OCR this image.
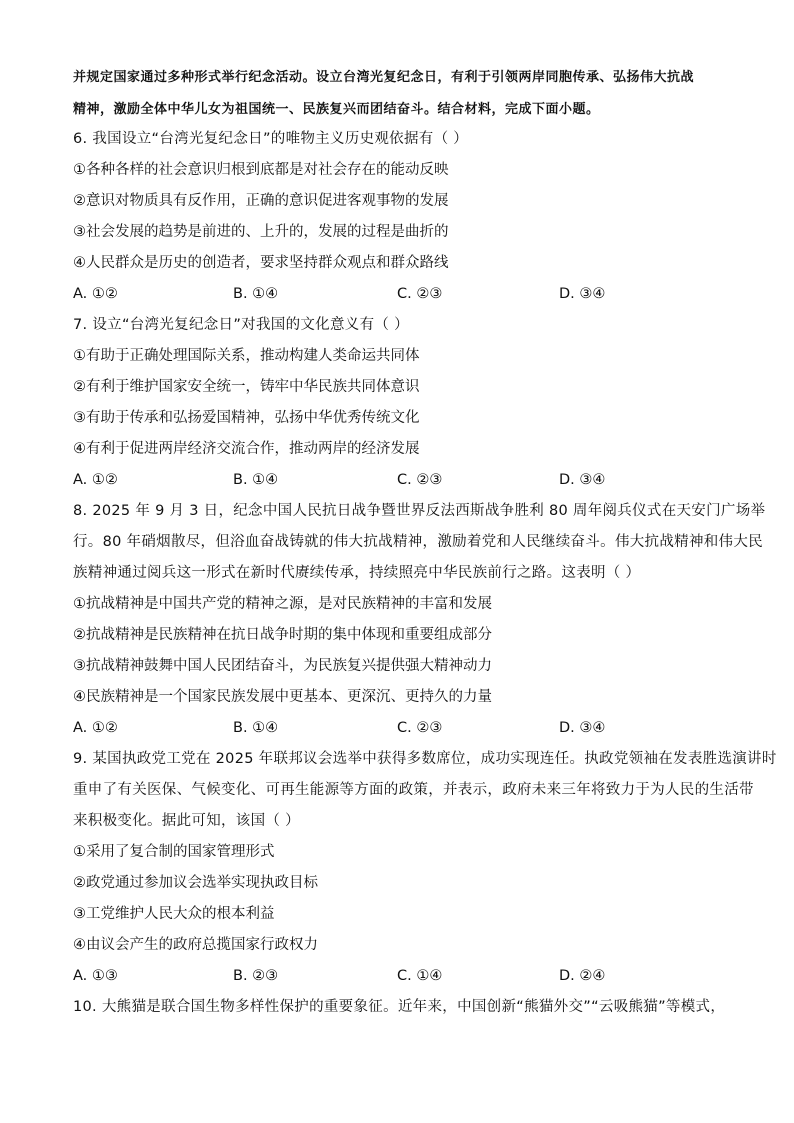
并规定国家通过多种形式举行纪念活动。设立台湾光复纪念日，有利于引领两岸同胞传承、弘扬伟大抗战

精神，激励全体中华儿女为祖国统一、民族复兴而团结奋斗。结合材料，完成下面小题。

6. 我国设立“台湾光复纪念日”的唯物主义历史观依据有（ ）
①各种各样的社会意识归根到底都是对社会存在的能动反映
②意识对物质具有反作用，正确的意识促进客观事物的发展
③社会发展的趋势是前进的、上升的，发展的过程是曲折的
④人民群众是历史的创造者，要求坚持群众观点和群众路线
A. ①②	B. ①④	C. ②③	D. ③④
7. 设立“台湾光复纪念日”对我国的文化意义有（ ）
①有助于正确处理国际关系，推动构建人类命运共同体
②有利于维护国家安全统一，铸牢中华民族共同体意识
③有助于传承和弘扬爱国精神，弘扬中华优秀传统文化
④有利于促进两岸经济交流合作，推动两岸的经济发展
A. ①②	B. ①④	C. ②③	D. ③④
8. 2025 年 9 月 3 日，纪念中国人民抗日战争暨世界反法西斯战争胜利 80 周年阅兵仪式在天安门广场举
行。80 年硝烟散尽，但浴血奋战铸就的伟大抗战精神，激励着党和人民继续奋斗。伟大抗战精神和伟大民
族精神通过阅兵这一形式在新时代赓续传承，持续照亮中华民族前行之路。这表明（ ）
①抗战精神是中国共产党的精神之源，是对民族精神的丰富和发展
②抗战精神是民族精神在抗日战争时期的集中体现和重要组成部分
③抗战精神鼓舞中国人民团结奋斗，为民族复兴提供强大精神动力
④民族精神是一个国家民族发展中更基本、更深沉、更持久的力量
A. ①②	B. ①④	C. ②③	D. ③④
9. 某国执政党工党在 2025 年联邦议会选举中获得多数席位，成功实现连任。执政党领袖在发表胜选演讲时
重申了有关医保、气候变化、可再生能源等方面的政策，并表示，政府未来三年将致力于为人民的生活带
来积极变化。据此可知，该国（ ）
①采用了复合制的国家管理形式
②政党通过参加议会选举实现执政目标
③工党维护人民大众的根本利益
④由议会产生的政府总揽国家行政权力
A. ①③	B. ②③	C. ①④	D. ②④
10. 大熊猫是联合国生物多样性保护的重要象征。近年来，中国创新“熊猫外交”“云吸熊猫”等模式，
